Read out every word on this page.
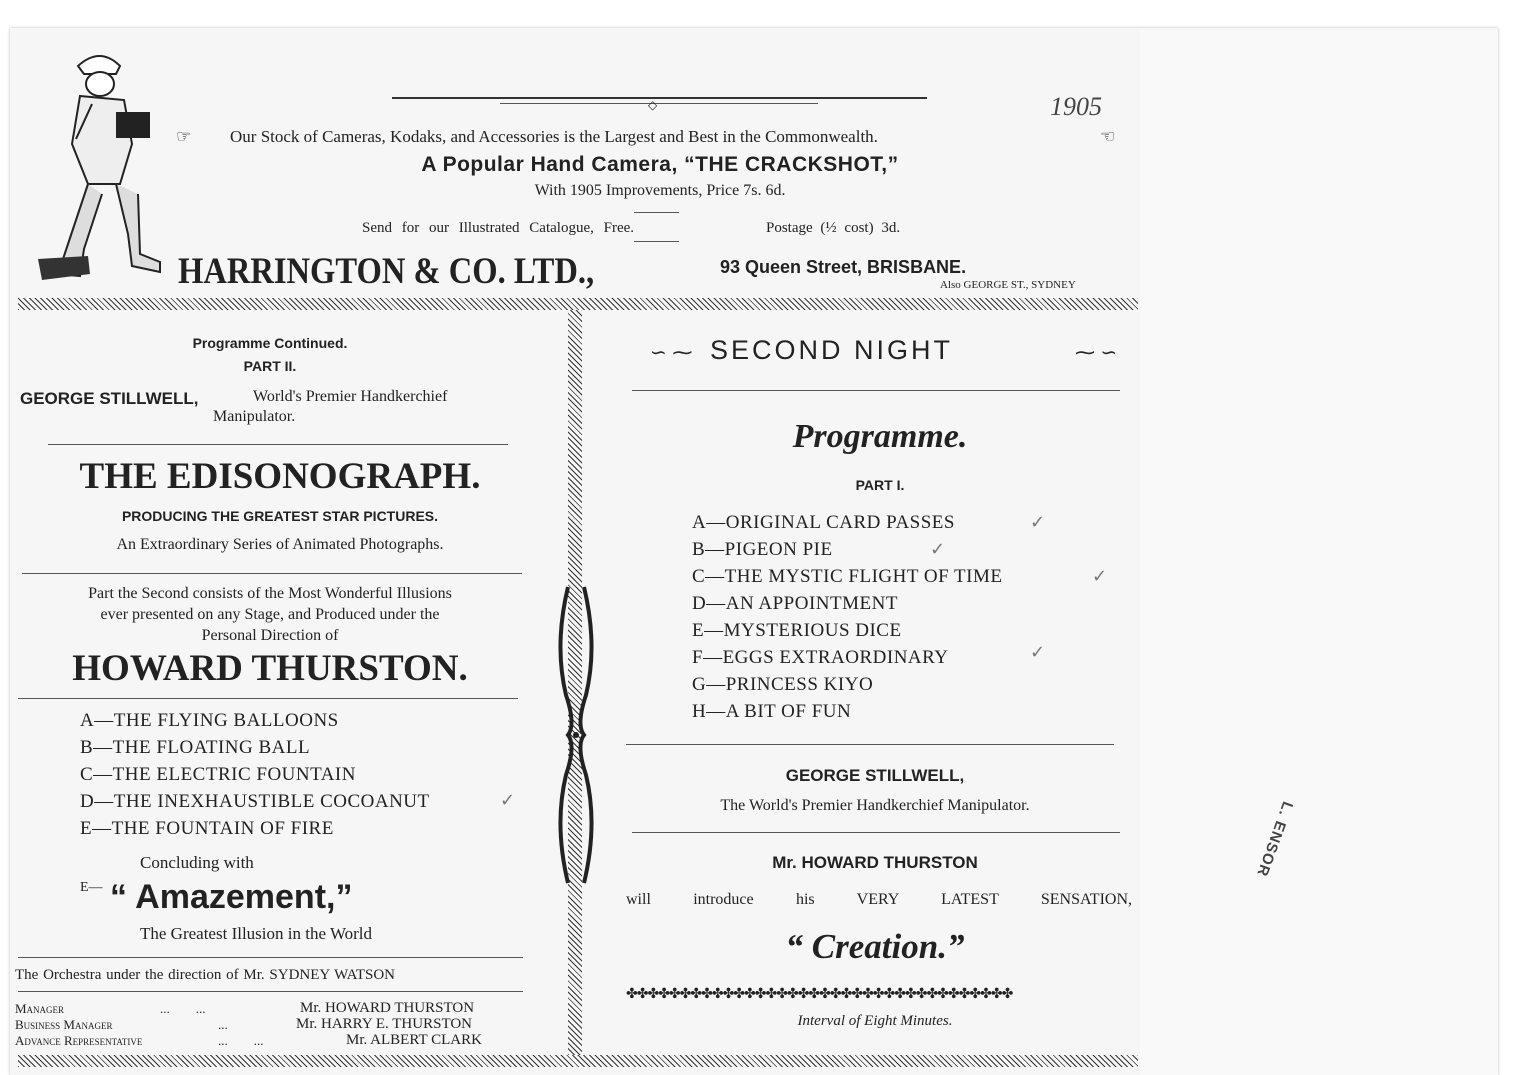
◇	1905
☞ Our Stock of Cameras, Kodaks, and Accessories is the Largest and Best in the Commonwealth.	☞
A Popular Hand Camera, “THE CRACKSHOT,”
With 1905 Improvements, Price 7s. 6d.
Send for our Illustrated Catalogue, Free.	Postage (½ cost) 3d.
HARRINGTON & CO. LTD.,	93 Queen Street, BRISBANE.
Also GEORGE ST., SYDNEY
Programme Continued.
PART II.
GEORGE STILLWELL,	World's Premier Handkerchief
Manipulator.
THE EDISONOGRAPH.
PRODUCING THE GREATEST STAR PICTURES.
An Extraordinary Series of Animated Photographs.
Part the Second consists of the Most Wonderful Illusions
ever presented on any Stage, and Produced under the
Personal Direction of
HOWARD THURSTON.
A—THE FLYING BALLOONS
B—THE FLOATING BALL
C—THE ELECTRIC FOUNTAIN
D—THE INEXHAUSTIBLE COCOANUT
E—THE FOUNTAIN OF FIRE
✓
Concluding with
E— “ Amazement,”
The Greatest Illusion in the World
The Orchestra under the direction of Mr. SYDNEY WATSON
Manager	...        ...	Mr. HOWARD THURSTON
Business Manager	...	Mr. HARRY E. THURSTON
Advance Representative	...        ...	Mr. ALBERT CLARK
∽ ⁓ SECOND NIGHT	⁓ ∽
Programme.
PART I.
A—ORIGINAL CARD PASSES
B—PIGEON PIE
C—THE MYSTIC FLIGHT OF TIME
D—AN APPOINTMENT
E—MYSTERIOUS DICE
F—EGGS EXTRAORDINARY
G—PRINCESS KIYO
H—A BIT OF FUN
✓
✓
✓
✓
GEORGE STILLWELL,
The World's Premier Handkerchief Manipulator.
Mr. HOWARD THURSTON
will introduce his VERY LATEST SENSATION,
“ Creation.”
✤✤✤✤✤✤✤✤✤✤✤✤✤✤✤✤✤✤✤✤✤✤✤✤✤✤✤✤✤✤✤✤✤✤✤✤
Interval of Eight Minutes.
L. ENSOR
